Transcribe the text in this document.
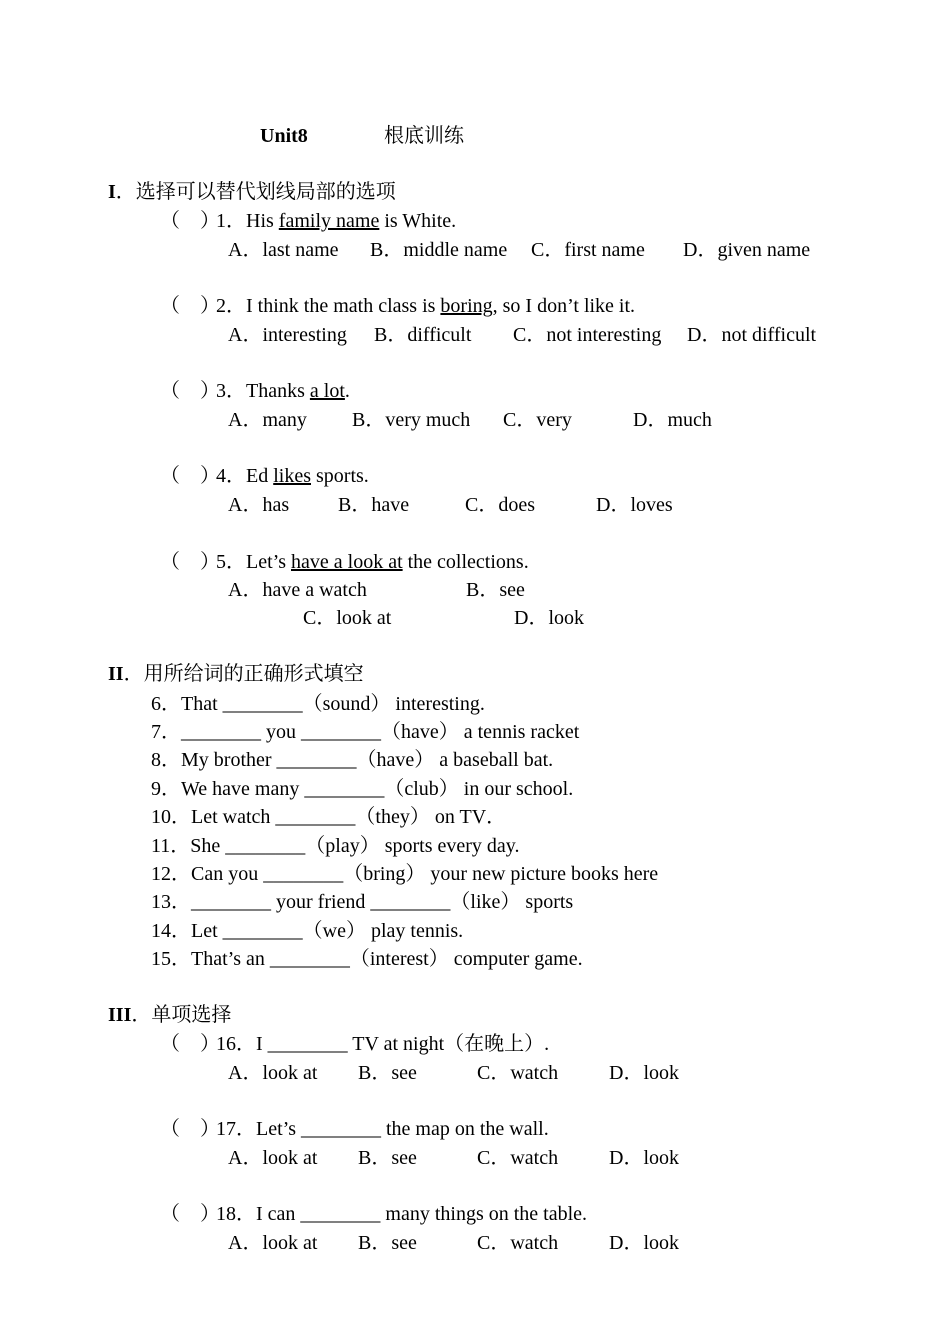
Unit8	根底训练
I．选择可以替代划线局部的选项
（    ）
1．His family name is White.
A．last name B．middle name C．first name D．given name
（    ）
2．I think the math class is boring, so I don’t like it.
A．interesting B．difficult C．not interesting D．not difficult
（    ）
3．Thanks a lot.
A．many B．very much C．very	D．much
（    ）
4．Ed likes sports.
A．has B．have	C．does	D．loves
（    ）
5．Let’s have a look at the collections.
A．have a watch	B．see
C．look at	D．look
II．用所给词的正确形式填空
6．That ________（sound） interesting.
7．________ you ________（have） a tennis racket
8．My brother ________（have） a baseball bat.
9．We have many ________（club） in our school.
10．Let watch ________（they） on TV．
11．She ________（play） sports every day.
12．Can you ________（bring） your new picture books here
13．________ your friend ________（like） sports
14．Let ________（we） play tennis.
15．That’s an ________（interest） computer game.
III．单项选择
（    ）
16．I ________ TV at night（在晚上）.
A．look at B．see	C．watch	D．look
（    ）
17．Let’s ________ the map on the wall.
A．look at B．see	C．watch	D．look
（    ）
18．I can ________ many things on the table.
A．look at B．see	C．watch	D．look
